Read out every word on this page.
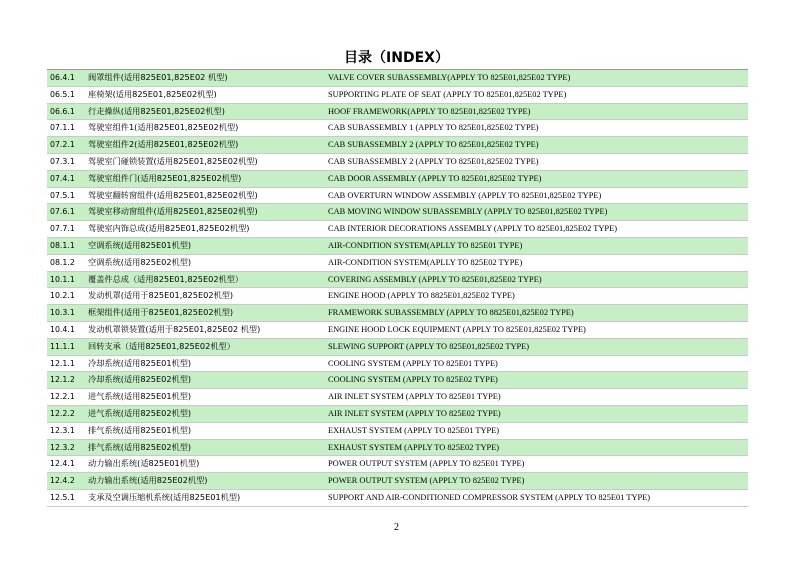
目录（INDEX）
06.4.1	阀罩组件(适用825E01,825E02 机型)	VALVE COVER SUBASSEMBLY(APPLY TO 825E01,825E02 TYPE)
06.5.1	座椅架(适用825E01,825E02机型)	SUPPORTING PLATE OF SEAT (APPLY TO 825E01,825E02 TYPE)
06.6.1	行走操纵(适用825E01,825E02机型)	HOOF FRAMEWORK(APPLY TO 825E01,825E02 TYPE)
07.1.1	驾驶室组件1(适用825E01,825E02机型)	CAB SUBASSEMBLY 1 (APPLY TO 825E01,825E02 TYPE)
07.2.1	驾驶室组件2(适用825E01,825E02机型)	CAB SUBASSEMBLY 2 (APPLY TO 825E01,825E02 TYPE)
07.3.1	驾驶室门碰锁装置(适用825E01,825E02机型)	CAB SUBASSEMBLY 2 (APPLY TO 825E01,825E02 TYPE)
07.4.1	驾驶室组件门(适用825E01,825E02机型)	CAB DOOR ASSEMBLY (APPLY TO 825E01,825E02 TYPE)
07.5.1	驾驶室翻转窗组件(适用825E01,825E02机型)	CAB OVERTURN WINDOW ASSEMBLY (APPLY TO 825E01,825E02 TYPE)
07.6.1	驾驶室移动窗组件(适用825E01,825E02机型)	CAB MOVING WINDOW SUBASSEMBLY (APPLY TO 825E01,825E02 TYPE)
07.7.1	驾驶室内饰总成(适用825E01,825E02机型)	CAB INTERIOR DECORATIONS ASSEMBLY (APPLY TO 825E01,825E02 TYPE)
08.1.1	空调系统(适用825E01机型)	AIR-CONDITION SYSTEM(APLLY TO 825E01 TYPE)
08.1.2	空调系统(适用825E02机型)	AIR-CONDITION SYSTEM(APLLY TO 825E02 TYPE)
10.1.1	覆盖件总成（适用825E01,825E02机型）	COVERING ASSEMBLY (APPLY TO 825E01,825E02 TYPE)
10.2.1	发动机罩(适用于825E01,825E02机型)	ENGINE HOOD (APPLY TO 8825E01,825E02 TYPE)
10.3.1	框架组件(适用于825E01,825E02机型)	FRAMEWORK SUBASSEMBLY (APPLY TO 8825E01,825E02 TYPE)
10.4.1	发动机罩锁装置(适用于825E01,825E02 机型)	ENGINE HOOD LOCK EQUIPMENT (APPLY TO 825E01,825E02 TYPE)
11.1.1	回转支承（适用825E01,825E02机型）	SLEWING SUPPORT (APPLY TO 825E01,825E02 TYPE)
12.1.1	冷却系统(适用825E01机型)	COOLING SYSTEM (APPLY TO 825E01 TYPE)
12.1.2	冷却系统(适用825E02机型)	COOLING SYSTEM (APPLY TO 825E02 TYPE)
12.2.1	进气系统(适用825E01机型)	AIR INLET SYSTEM (APPLY TO 825E01 TYPE)
12.2.2	进气系统(适用825E02机型)	AIR INLET SYSTEM (APPLY TO 825E02 TYPE)
12.3.1	排气系统(适用825E01机型)	EXHAUST SYSTEM (APPLY TO 825E01 TYPE)
12.3.2	排气系统(适用825E02机型)	EXHAUST SYSTEM (APPLY TO 825E02 TYPE)
12.4.1	动力输出系统(适825E01机型)	POWER OUTPUT SYSTEM (APPLY TO 825E01 TYPE)
12.4.2	动力输出系统(适用825E02机型)	POWER OUTPUT SYSTEM (APPLY TO 825E02 TYPE)
12.5.1	支承及空调压缩机系统(适用825E01机型)	SUPPORT AND AIR-CONDITIONED COMPRESSOR SYSTEM (APPLY TO 825E01 TYPE)
2
